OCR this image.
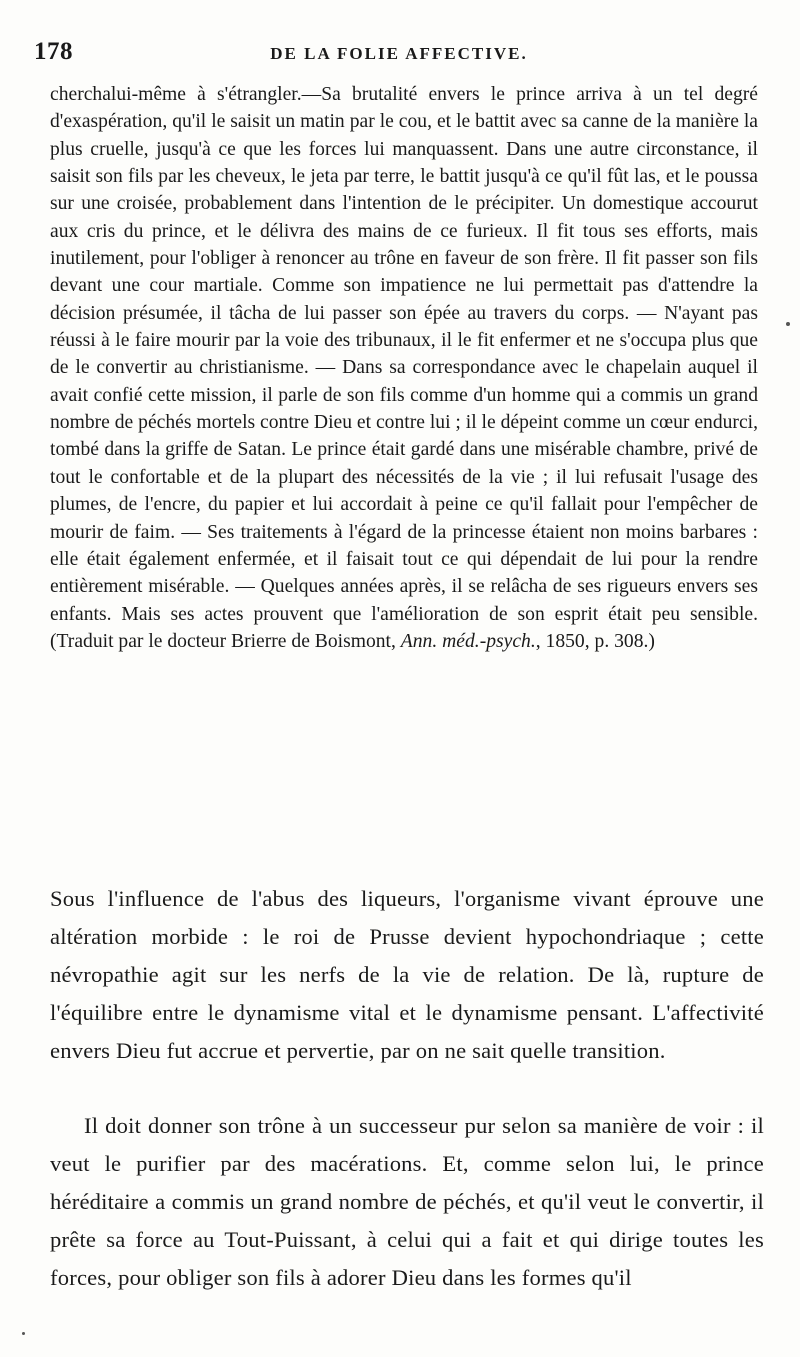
178	DE LA FOLIE AFFECTIVE.

cherchalui-même à s'étrangler.—Sa brutalité envers le prince arriva à un tel degré d'exaspération, qu'il le saisit un matin par le cou, et le battit avec sa canne de la manière la plus cruelle, jusqu'à ce que les forces lui manquassent. Dans une autre circonstance, il saisit son fils par les cheveux, le jeta par terre, le battit jusqu'à ce qu'il fût las, et le poussa sur une croisée, probablement dans l'intention de le précipiter. Un domestique accourut aux cris du prince, et le délivra des mains de ce furieux. Il fit tous ses efforts, mais inutilement, pour l'obliger à renoncer au trône en faveur de son frère. Il fit passer son fils devant une cour martiale. Comme son impatience ne lui permettait pas d'attendre la décision présumée, il tâcha de lui passer son épée au travers du corps. — N'ayant pas réussi à le faire mourir par la voie des tribunaux, il le fit enfermer et ne s'occupa plus que de le convertir au christianisme. — Dans sa correspondance avec le chapelain auquel il avait confié cette mission, il parle de son fils comme d'un homme qui a commis un grand nombre de péchés mortels contre Dieu et contre lui ; il le dépeint comme un cœur endurci, tombé dans la griffe de Satan. Le prince était gardé dans une misérable chambre, privé de tout le confortable et de la plupart des nécessités de la vie ; il lui refusait l'usage des plumes, de l'encre, du papier et lui accordait à peine ce qu'il fallait pour l'empêcher de mourir de faim. — Ses traitements à l'égard de la princesse étaient non moins barbares : elle était également enfermée, et il faisait tout ce qui dépendait de lui pour la rendre entièrement misérable. — Quelques années après, il se relâcha de ses rigueurs envers ses enfants. Mais ses actes prouvent que l'amélioration de son esprit était peu sensible. (Traduit par le docteur Brierre de Boismont, Ann. méd.-psych., 1850, p. 308.)

Sous l'influence de l'abus des liqueurs, l'organisme vivant éprouve une altération morbide : le roi de Prusse devient hypochondriaque ; cette névropathie agit sur les nerfs de la vie de relation. De là, rupture de l'équilibre entre le dynamisme vital et le dynamisme pensant. L'affectivité envers Dieu fut accrue et pervertie, par on ne sait quelle transition.

Il doit donner son trône à un successeur pur selon sa manière de voir : il veut le purifier par des macérations. Et, comme selon lui, le prince héréditaire a commis un grand nombre de péchés, et qu'il veut le convertir, il prête sa force au Tout-Puissant, à celui qui a fait et qui dirige toutes les forces, pour obliger son fils à adorer Dieu dans les formes qu'il
